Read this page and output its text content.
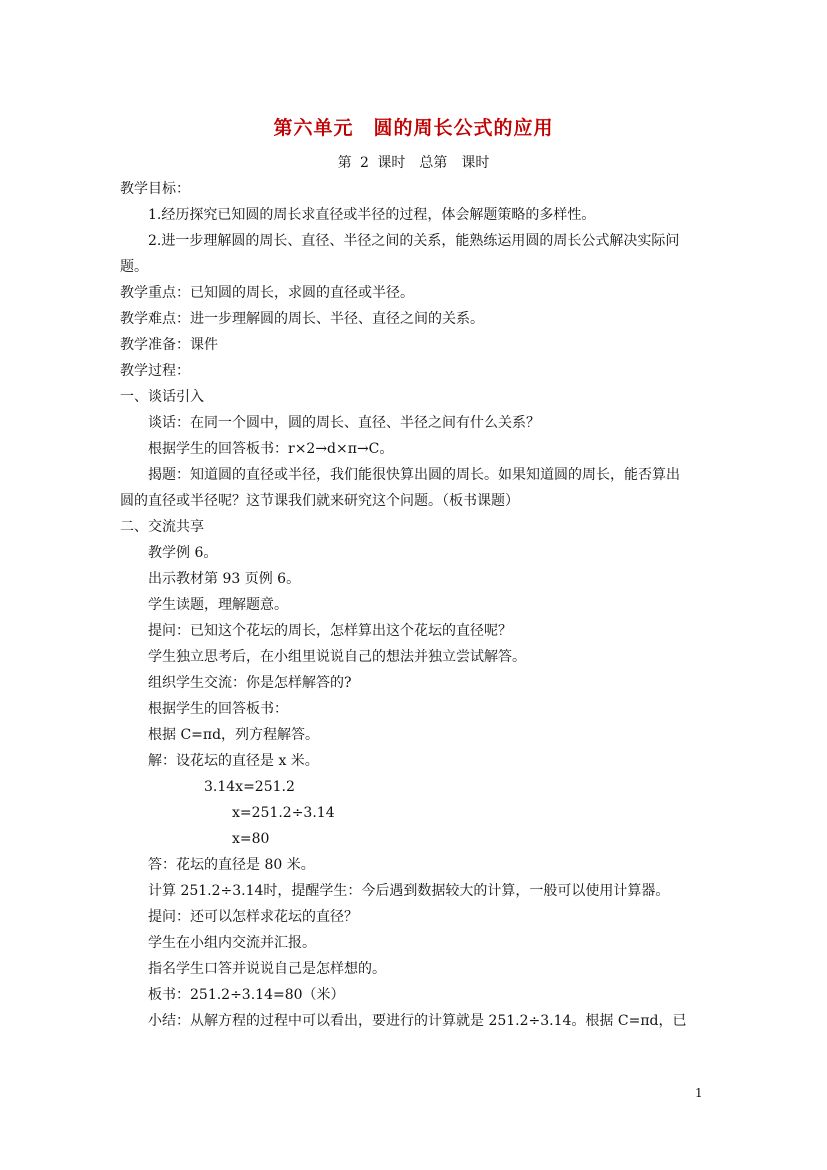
第六单元　圆的周长公式的应用
第 2 课时　总第　课时

教学目标：

1.经历探究已知圆的周长求直径或半径的过程，体会解题策略的多样性。

2.进一步理解圆的周长、直径、半径之间的关系，能熟练运用圆的周长公式解决实际问

题。

教学重点：已知圆的周长，求圆的直径或半径。

教学难点：进一步理解圆的周长、半径、直径之间的关系。

教学准备：课件

教学过程：

一、谈话引入

谈话：在同一个圆中，圆的周长、直径、半径之间有什么关系？

根据学生的回答板书：r×2→d×π→C。

揭题：知道圆的直径或半径，我们能很快算出圆的周长。如果知道圆的周长，能否算出

圆的直径或半径呢？这节课我们就来研究这个问题。（板书课题）

二、交流共享

教学例 6。

出示教材第 93 页例 6。

学生读题，理解题意。

提问：已知这个花坛的周长，怎样算出这个花坛的直径呢？

学生独立思考后，在小组里说说自己的想法并独立尝试解答。

组织学生交流：你是怎样解答的?

根据学生的回答板书：

根据 C=πd，列方程解答。

解：设花坛的直径是 x 米。

3.14x=251.2

x=251.2÷3.14

x=80

答：花坛的直径是 80 米。

计算 251.2÷3.14时，提醒学生：今后遇到数据较大的计算，一般可以使用计算器。

提问：还可以怎样求花坛的直径？

学生在小组内交流并汇报。

指名学生口答并说说自己是怎样想的。

板书：251.2÷3.14=80（米）

小结：从解方程的过程中可以看出，要进行的计算就是 251.2÷3.14。根据 C=πd，已

1
